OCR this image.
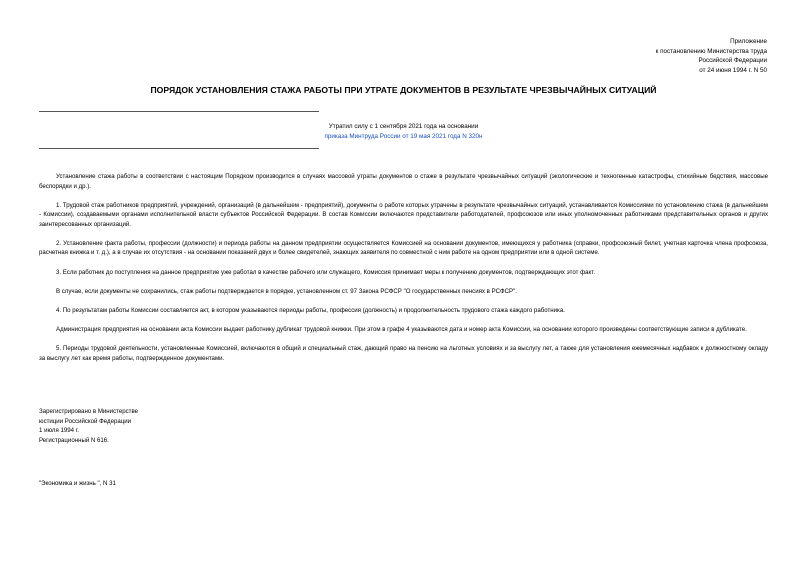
Приложение
к постановлению Министерства труда
Российской Федерации
от 24 июня 1994 г. N 50
ПОРЯДОК УСТАНОВЛЕНИЯ СТАЖА РАБОТЫ ПРИ УТРАТЕ ДОКУМЕНТОВ В РЕЗУЛЬТАТЕ ЧРЕЗВЫЧАЙНЫХ СИТУАЦИЙ
Утратил силу с 1 сентября 2021 года на основании
приказа Минтруда России от 19 мая 2021 года N 320н

Установление стажа работы в соответствии с настоящим Порядком производится в случаях массовой утраты документов о стаже в результате чрезвычайных ситуаций (экологические и техногенные катастрофы, стихийные бедствия, массовые беспорядки и др.).

1. Трудовой стаж работников предприятий, учреждений, организаций (в дальнейшем - предприятий), документы о работе которых утрачены в результате чрезвычайных ситуаций, устанавливается Комиссиями по установлению стажа (в дальнейшем - Комиссии), создаваемыми органами исполнительной власти субъектов Российской Федерации. В состав Комиссии включаются представители работодателей, профсоюзов или иных уполномоченных работниками представительных органов и других заинтересованных организаций.

2. Установление факта работы, профессии (должности) и периода работы на данном предприятии осуществляется Комиссией на основании документов, имеющихся у работника (справки, профсоюзный билет, учетная карточка члена профсоюза, расчетная книжка и т. д.), а в случае их отсутствия - на основании показаний двух и более свидетелей, знающих заявителя по совместной с ним работе на одном предприятии или в одной системе.

3. Если работник до поступления на данное предприятие уже работал в качестве рабочего или служащего, Комиссия принимает меры к получению документов, подтверждающих этот факт.

В случае, если документы не сохранились, стаж работы подтверждается в порядке, установленном ст. 97 Закона РСФСР "О государственных пенсиях в РСФСР".

4. По результатам работы Комиссии составляется акт, в котором указываются периоды работы, профессия (должность) и продолжительность трудового стажа каждого работника.

Администрация предприятия на основании акта Комиссии выдает работнику дубликат трудовой книжки. При этом в графе 4 указываются дата и номер акта Комиссии, на основании которого произведены соответствующие записи в дубликате.

5. Периоды трудовой деятельности, установленные Комиссией, включаются в общий и специальный стаж, дающий право на пенсию на льготных условиях и за выслугу лет, а также для установления ежемесячных надбавок к должностному окладу за выслугу лет как время работы, подтвержденное документами.

Зарегистрировано в Министерстве
юстиции Российской Федерации
1 июля 1994 г.
Регистрационный N 616.
"Экономика и жизнь ", N 31
